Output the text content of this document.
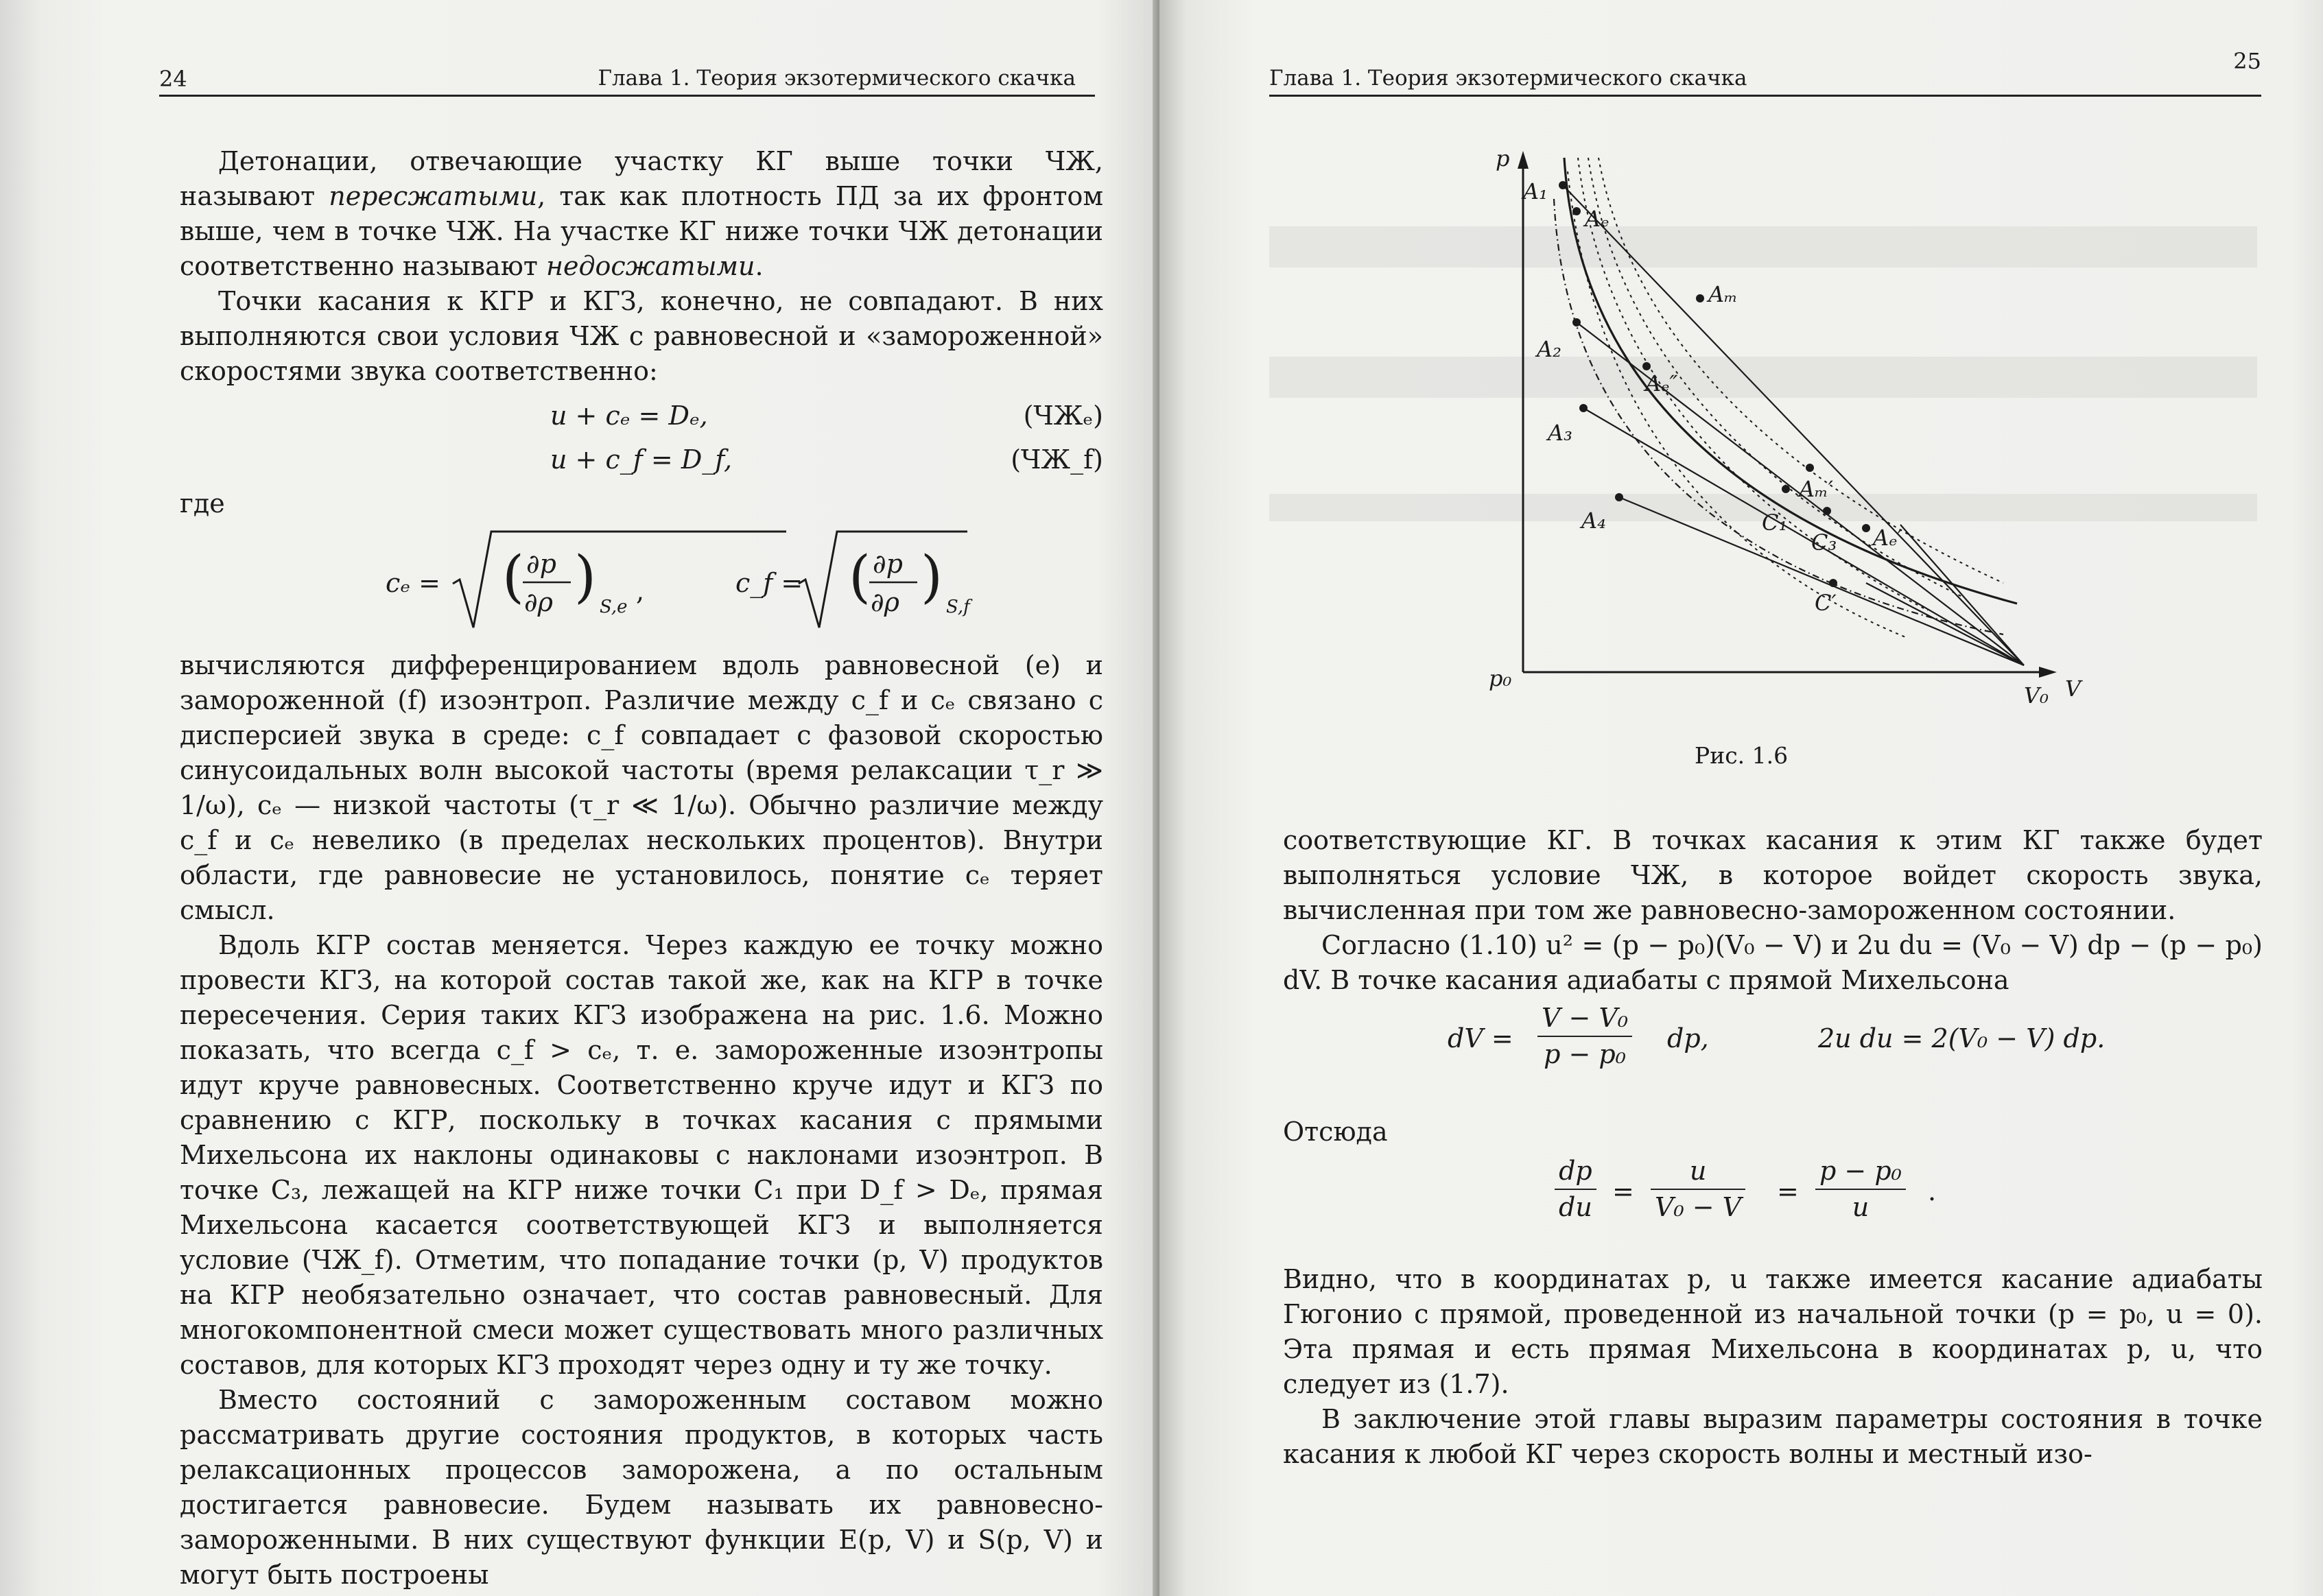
24	Глава 1. Теория экзотермического скачка

Детонации, отвечающие участку КГ выше точки ЧЖ, называют пересжатыми, так как плотность ПД за их фронтом выше, чем в точке ЧЖ. На участке КГ ниже точки ЧЖ детонации соответственно называют недосжатыми.

Точки касания к КГР и КГЗ, конечно, не совпадают. В них выполняются свои условия ЧЖ с равновесной и «замороженной» скоростями звука соответственно:

u + cₑ = Dₑ,	(ЧЖₑ)
u + c_f = D_f,	(ЧЖ_f)
где
cₑ = ( ∂p
∂ρ ) S,e
,	c_f = ( ∂p
∂ρ ) S,f

вычисляются дифференцированием вдоль равновесной (e) и замороженной (f) изоэнтроп. Различие между c_f и cₑ связано с дисперсией звука в среде: c_f совпадает с фазовой скоростью синусоидальных волн высокой частоты (время релаксации τ_r ≫ 1/ω), cₑ — низкой частоты (τ_r ≪ 1/ω). Обычно различие между c_f и cₑ невелико (в пределах нескольких процентов). Внутри области, где равновесие не установилось, понятие cₑ теряет смысл.

Вдоль КГР состав меняется. Через каждую ее точку можно провести КГЗ, на которой состав такой же, как на КГР в точке пересечения. Серия таких КГЗ изображена на рис. 1.6. Можно показать, что всегда c_f > cₑ, т. е. замороженные изоэнтропы идут круче равновесных. Соответственно круче идут и КГЗ по сравнению с КГР, поскольку в точках касания с прямыми Михельсона их наклоны одинаковы с наклонами изоэнтроп. В точке C₃, лежащей на КГР ниже точки C₁ при D_f > Dₑ, прямая Михельсона касается соответствующей КГЗ и выполняется условие (ЧЖ_f). Отметим, что попадание точки (p, V) продуктов на КГР необязательно означает, что состав равновесный. Для многокомпонентной смеси может существовать много различных составов, для которых КГЗ проходят через одну и ту же точку.

Вместо состояний с замороженным составом можно рассматривать другие состояния продуктов, в которых часть релаксационных процессов заморожена, а по остальным достигается равновесие. Будем называть их равновесно-замороженными. В них существуют функции E(p, V) и S(p, V) и могут быть построены

Глава 1. Теория экзотермического скачка
25
p
p₀
V₀ V
A₁
Aₑ
Aₘ
A₂
Aₑ″
A₃
Aₘ′
A₄	C₁
C₃ Aₑ′
C′
Рис. 1.6

соответствующие КГ. В точках касания к этим КГ также будет выполняться условие ЧЖ, в которое войдет скорость звука, вычисленная при том же равновесно-замороженном состоянии.

Согласно (1.10) u² = (p − p₀)(V₀ − V) и 2u du = (V₀ − V) dp − (p − p₀) dV. В точке касания адиабаты с прямой Михельсона

dV = $\frac{\text{V − V₀}}{\text{p − p₀}}$ dp,	2u du = 2(V₀ − V) dp.

Отсюда

$\frac{dp}{du} = \frac{u}{\text{V₀ − V}} = \frac{\text{p − p₀}}{u}$ .

Видно, что в координатах p, u также имеется касание адиабаты Гюгонио с прямой, проведенной из начальной точки (p = p₀, u = 0). Эта прямая и есть прямая Михельсона в координатах p, u, что следует из (1.7).

В заключение этой главы выразим параметры состояния в точке касания к любой КГ через скорость волны и местный изо-
